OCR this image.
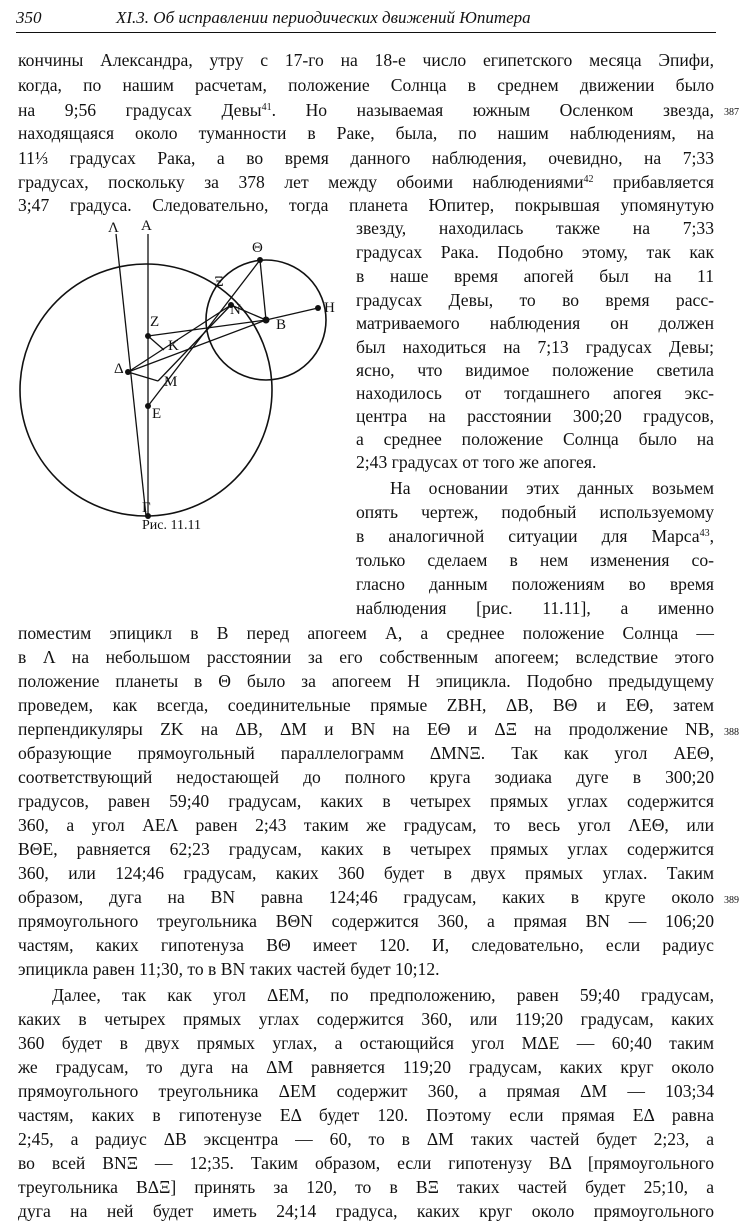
350	XI.3. Об исправлении периодических движений Юпитера
кончины Александра, утру с 17-го на 18-е число египетского месяца Эпифи,
когда, по нашим расчетам, положение Солнца в среднем движении было
на 9;56 градусах Девы$^{41}$. Но называемая южным Осленком звезда,
находящаяся около туманности в Раке, была, по нашим наблюдениям, на
11⅓ градусах Рака, а во время данного наблюдения, очевидно, на 7;33
градусах, поскольку за 378 лет между обоими наблюдениями$^{42}$ прибавляется
3;47 градуса. Следовательно, тогда планета Юпитер, покрывшая упомянутую
звезду, находилась также на 7;33
градусах Рака. Подобно этому, так как
в наше время апогей был на 11
градусах Девы, то во время расс-
матриваемого наблюдения он должен
был находиться на 7;13 градусах Девы;
ясно, что видимое положение светила
находилось от тогдашнего апогея экс-
центра на расстоянии 300;20 градусов,
а среднее положение Солнца было на
2;43 градусах от того же апогея.
На основании этих данных возьмем
опять чертеж, подобный используемому
в аналогичной ситуации для Марса$^{43}$,
только сделаем в нем изменения со-
гласно данным положениям во время
наблюдения [рис. 11.11], а именно
поместим эпицикл в B перед апогеем A, а среднее положение Солнца —
в Λ на небольшом расстоянии за его собственным апогеем; вследствие этого
положение планеты в Θ было за апогеем H эпицикла. Подобно предыдущему
проведем, как всегда, соединительные прямые ZBH, ΔB, BΘ и EΘ, затем
перпендикуляры ZK на ΔB, ΔM и BN на EΘ и ΔΞ на продолжение NB,
образующие прямоугольный параллелограмм ΔMNΞ. Так как угол AEΘ,
соответствующий недостающей до полного круга зодиака дуге в 300;20
градусов, равен 59;40 градусам, каких в четырех прямых углах содержится
360, а угол AEΛ равен 2;43 таким же градусам, то весь угол ΛEΘ, или
BΘE, равняется 62;23 градусам, каких в четырех прямых углах содержится
360, или 124;46 градусам, каких 360 будет в двух прямых углах. Таким
образом, дуга на BN равна 124;46 градусам, каких в круге около
прямоугольного треугольника BΘN содержится 360, а прямая BN — 106;20
частям, каких гипотенуза BΘ имеет 120. И, следовательно, если радиус
эпицикла равен 11;30, то в BN таких частей будет 10;12.
Далее, так как угол ΔEM, по предположению, равен 59;40 градусам,
каких в четырех прямых углах содержится 360, или 119;20 градусам, каких
360 будет в двух прямых углах, а остающийся угол MΔE — 60;40 таким
же градусам, то дуга на ΔM равняется 119;20 градусам, каких круг около
прямоугольного треугольника ΔEM содержит 360, а прямая ΔM — 103;34
частям, каких в гипотенузе EΔ будет 120. Поэтому если прямая EΔ равна
2;45, а радиус ΔB эксцентра — 60, то в ΔM таких частей будет 2;23, а
во всей BNΞ — 12;35. Таким образом, если гипотенузу BΔ [прямоугольного
треугольника BΔΞ] принять за 120, то в BΞ таких частей будет 25;10, а
дуга на ней будет иметь 24;14 градуса, каких круг около прямоугольного
387
388
389
Λ A
Θ
Ξ
N	H
Z	B
K
Δ
M
E
Γ
Рис. 11.11
